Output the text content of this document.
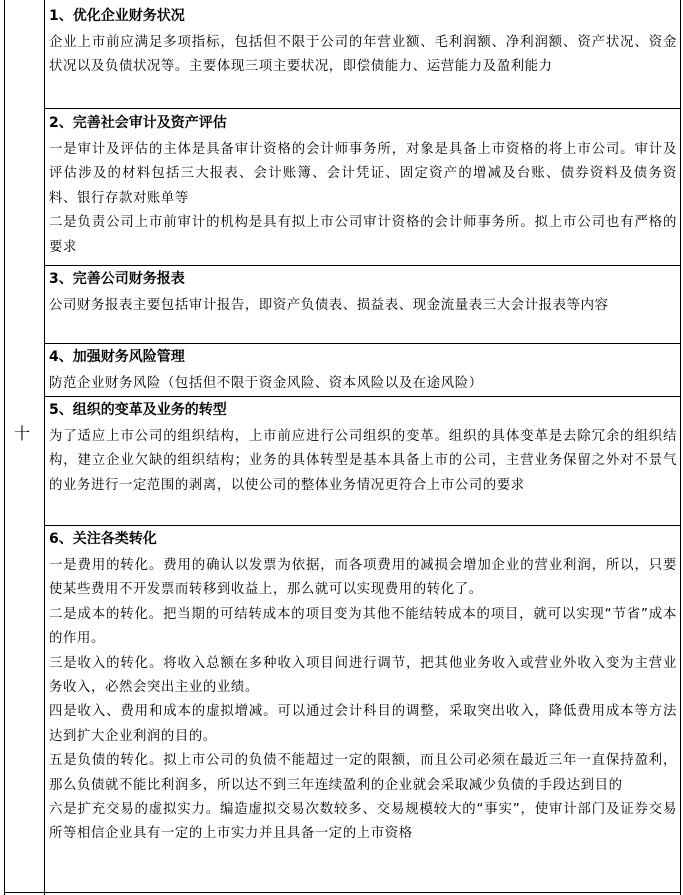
十
1、优化企业财务状况

企业上市前应满足多项指标，包括但不限于公司的年营业额、毛利润额、净利润额、资产状况、资金状况以及负债状况等。主要体现三项主要状况，即偿债能力、运营能力及盈利能力

2、完善社会审计及资产评估

一是审计及评估的主体是具备审计资格的会计师事务所，对象是具备上市资格的将上市公司。审计及评估涉及的材料包括三大报表、会计账簿、会计凭证、固定资产的增减及台账、债券资料及债务资料、银行存款对账单等

二是负责公司上市前审计的机构是具有拟上市公司审计资格的会计师事务所。拟上市公司也有严格的要求

3、完善公司财务报表

公司财务报表主要包括审计报告，即资产负债表、损益表、现金流量表三大会计报表等内容

4、加强财务风险管理

防范企业财务风险（包括但不限于资金风险、资本风险以及在途风险）

5、组织的变革及业务的转型

为了适应上市公司的组织结构，上市前应进行公司组织的变革。组织的具体变革是去除冗余的组织结构，建立企业欠缺的组织结构；业务的具体转型是基本具备上市的公司，主营业务保留之外对不景气的业务进行一定范围的剥离，以使公司的整体业务情况更符合上市公司的要求

6、关注各类转化

一是费用的转化。费用的确认以发票为依据，而各项费用的减损会增加企业的营业利润，所以，只要使某些费用不开发票而转移到收益上，那么就可以实现费用的转化了。

二是成本的转化。把当期的可结转成本的项目变为其他不能结转成本的项目，就可以实现“节省”成本的作用。

三是收入的转化。将收入总额在多种收入项目间进行调节，把其他业务收入或营业外收入变为主营业务收入，必然会突出主业的业绩。

四是收入、费用和成本的虚拟增减。可以通过会计科目的调整，采取突出收入，降低费用成本等方法达到扩大企业利润的目的。

五是负债的转化。拟上市公司的负债不能超过一定的限额，而且公司必须在最近三年一直保持盈利，那么负债就不能比利润多，所以达不到三年连续盈利的企业就会采取减少负债的手段达到目的

六是扩充交易的虚拟实力。编造虚拟交易次数较多、交易规模较大的“事实”，使审计部门及证券交易所等相信企业具有一定的上市实力并且具备一定的上市资格
